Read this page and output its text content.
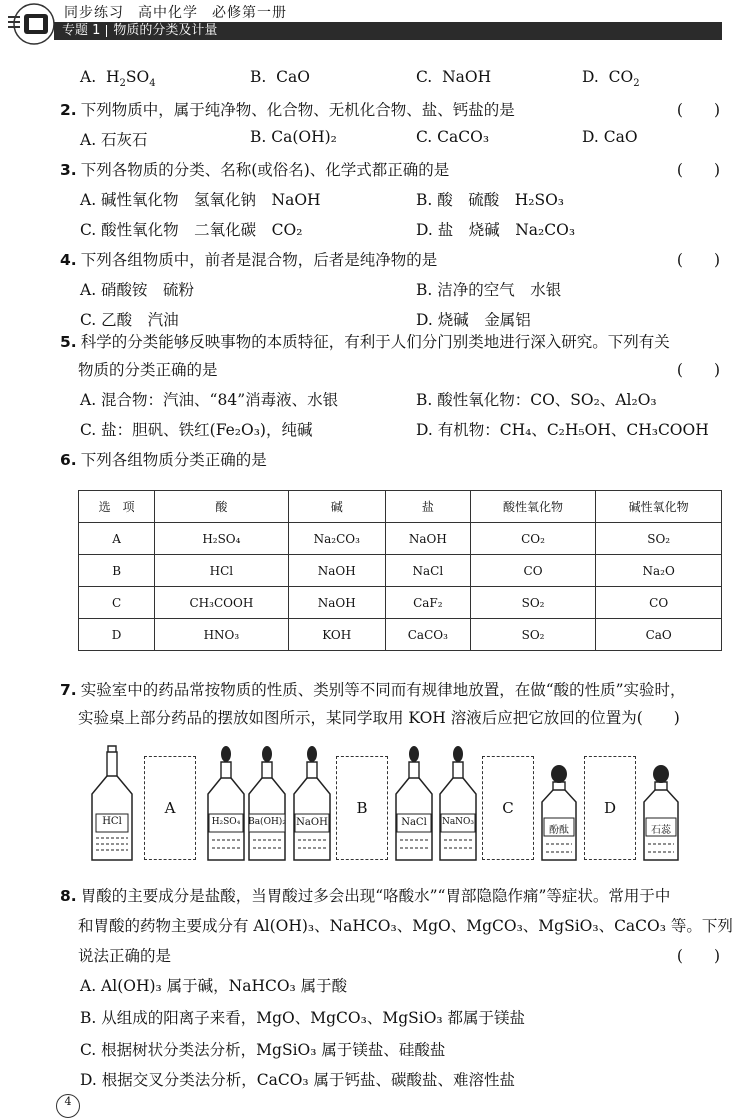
同步练习 高中化学 必修第一册
专题 1 物质的分类及计量
A.  $H_2SO_4$	B.  CaO	C.  NaOH	D.  $CO_2$
2. 下列物质中，属于纯净物、化合物、无机化合物、盐、钙盐的是	(　　)
A. 石灰石	B. Ca(OH)₂	C. CaCO₃	D. CaO
3. 下列各物质的分类、名称(或俗名)、化学式都正确的是	(　　)
A. 碱性氧化物　氢氧化钠　NaOH	B. 酸　硫酸　H₂SO₃
C. 酸性氧化物　二氧化碳　CO₂	D. 盐　烧碱　Na₂CO₃
4. 下列各组物质中，前者是混合物，后者是纯净物的是	(　　)
A. 硝酸铵　硫粉	B. 洁净的空气　水银
C. 乙酸　汽油	D. 烧碱　金属铝
5. 科学的分类能够反映事物的本质特征，有利于人们分门别类地进行深入研究。下列有关
物质的分类正确的是	(　　)
A. 混合物：汽油、“84”消毒液、水银	B. 酸性氧化物：CO、SO₂、Al₂O₃
C. 盐：胆矾、铁红(Fe₂O₃)，纯碱	D. 有机物：CH₄、C₂H₅OH、CH₃COOH
6. 下列各组物质分类正确的是
选　项	酸	碱	盐	酸性氧化物	碱性氧化物
A	H₂SO₄	Na₂CO₃	NaOH	CO₂	SO₂
B	HCl	NaOH	NaCl	CO	Na₂O
C	CH₃COOH	NaOH	CaF₂	SO₂	CO
D	HNO₃	KOH	CaCO₃	SO₂	CaO
7. 实验室中的药品常按物质的性质、类别等不同而有规律地放置，在做“酸的性质”实验时，
实验桌上部分药品的摆放如图所示，某同学取用 KOH 溶液后应把它放回的位置为(　　)
HCl
A
H₂SO₄ Ba(OH)₂	NaOH
B
NaCl	NaNO₃
C
酚酞
D
石蕊
8. 胃酸的主要成分是盐酸，当胃酸过多会出现“咯酸水”“胃部隐隐作痛”等症状。常用于中
和胃酸的药物主要成分有 Al(OH)₃、NaHCO₃、MgO、MgCO₃、MgSiO₃、CaCO₃ 等。下列
说法正确的是	(　　)
A. Al(OH)₃ 属于碱，NaHCO₃ 属于酸
B. 从组成的阳离子来看，MgO、MgCO₃、MgSiO₃ 都属于镁盐
C. 根据树状分类法分析，MgSiO₃ 属于镁盐、硅酸盐
D. 根据交叉分类法分析，CaCO₃ 属于钙盐、碳酸盐、难溶性盐
4
